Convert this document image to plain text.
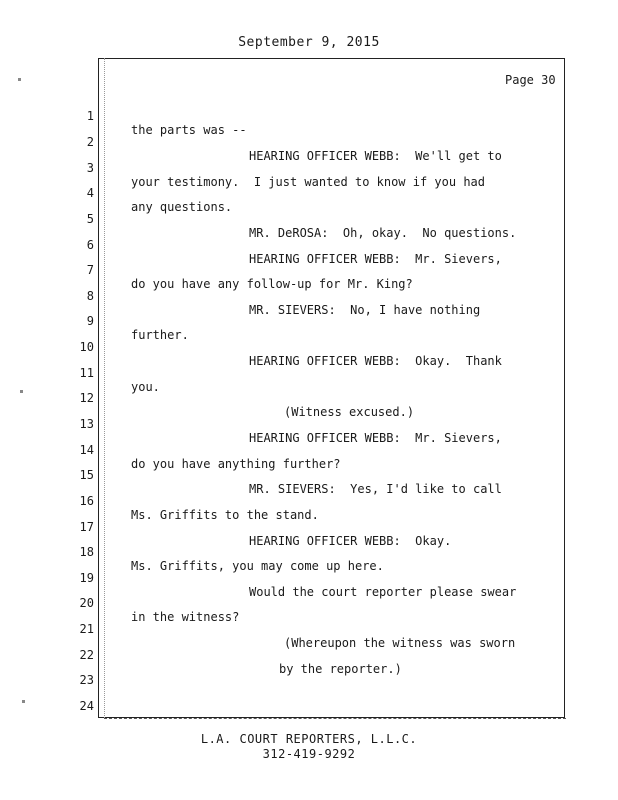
September 9, 2015
Page 30

1

the parts was --

2

HEARING OFFICER WEBB:  We'll get to

3

your testimony.  I just wanted to know if you had

4

any questions.

5

MR. DeROSA:  Oh, okay.  No questions.

6

HEARING OFFICER WEBB:  Mr. Sievers,

7

do you have any follow-up for Mr. King?

8

MR. SIEVERS:  No, I have nothing

9

further.

10

HEARING OFFICER WEBB:  Okay.  Thank

11

you.

12

(Witness excused.)

13

HEARING OFFICER WEBB:  Mr. Sievers,

14

do you have anything further?

15

MR. SIEVERS:  Yes, I'd like to call

16

Ms. Griffits to the stand.

17

HEARING OFFICER WEBB:  Okay.

18

Ms. Griffits, you may come up here.

19

Would the court reporter please swear

20

in the witness?

21

(Whereupon the witness was sworn

22

by the reporter.)

23

24

L.A. COURT REPORTERS, L.L.C.
312-419-9292
